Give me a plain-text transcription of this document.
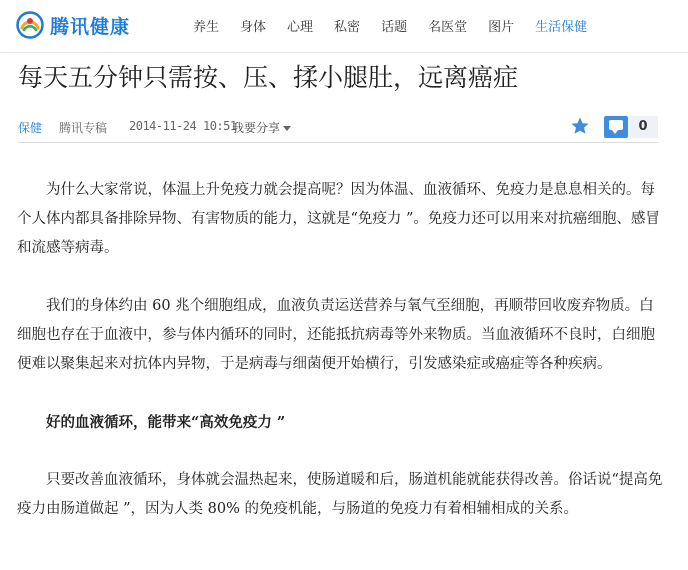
腾讯健康	养生 身体 心理 私密 话题 名医堂 图片 生活保健
每天五分钟只需按、压、揉小腿肚，远离癌症
保健 腾讯专稿 2014-11-24 10:51
我要分享	0

为什么大家常说，体温上升免疫力就会提高呢？因为体温、血液循环、免疫力是息息相关的。每个人体内都具备排除异物、有害物质的能力，这就是“免疫力 ”。免疫力还可以用来对抗癌细胞、感冒和流感等病毒。

我们的身体约由 60 兆个细胞组成，血液负责运送营养与氧气至细胞，再顺带回收废弃物质。白细胞也存在于血液中，参与体内循环的同时，还能抵抗病毒等外来物质。当血液循环不良时，白细胞便难以聚集起来对抗体内异物，于是病毒与细菌便开始横行，引发感染症或癌症等各种疾病。

好的血液循环，能带来“高效免疫力 ”

只要改善血液循环，身体就会温热起来，使肠道暖和后，肠道机能就能获得改善。俗话说“提高免疫力由肠道做起 ”，因为人类 80% 的免疫机能，与肠道的免疫力有着相辅相成的关系。
